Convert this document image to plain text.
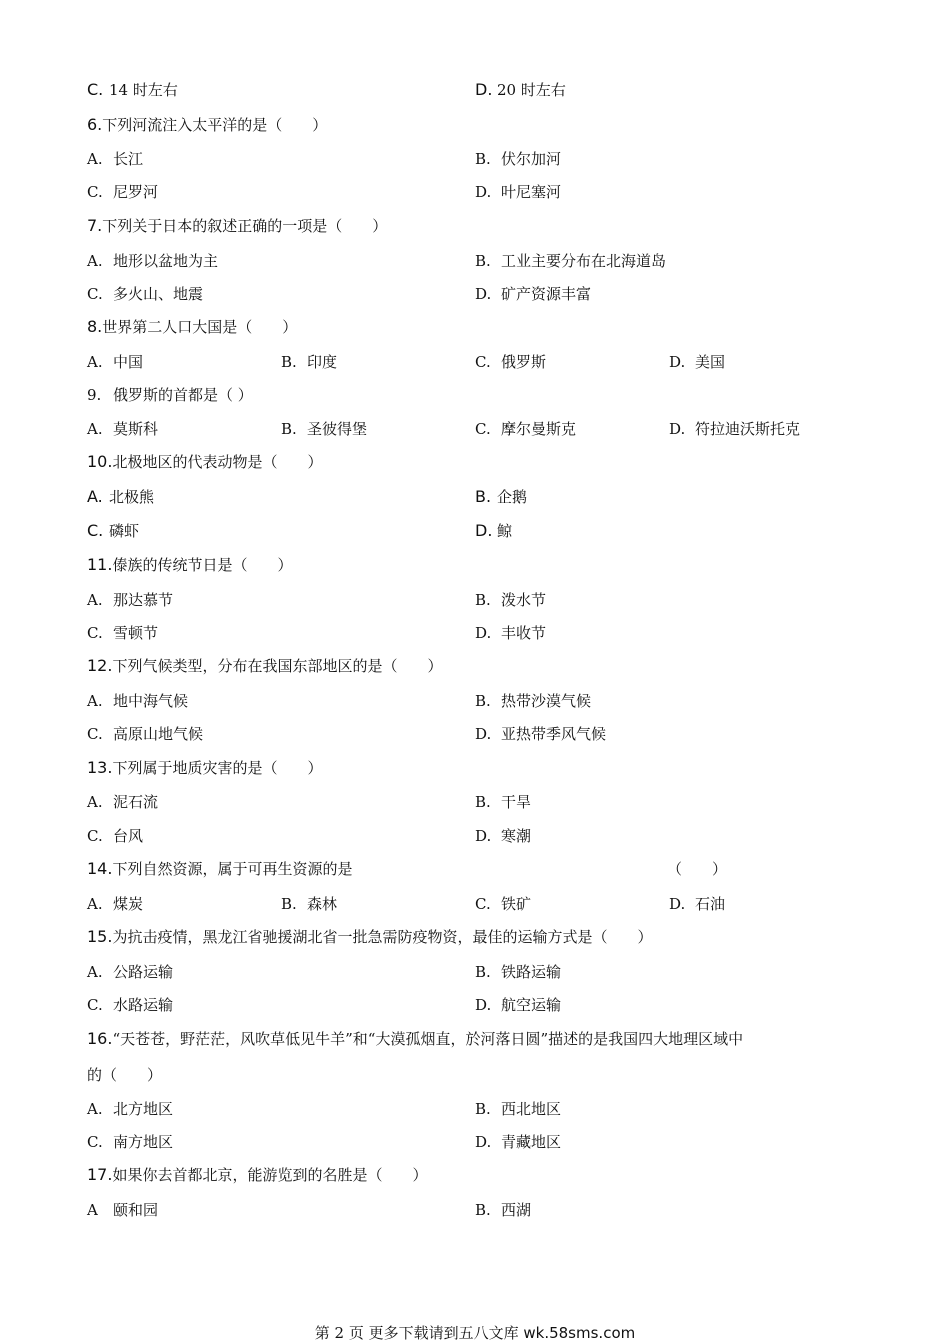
C. 14 时左右	D. 20 时左右
6.下列河流注入太平洋的是（　　）
A. 长江	B. 伏尔加河
C. 尼罗河	D. 叶尼塞河
7.下列关于日本的叙述正确的一项是（　　）
A. 地形以盆地为主	B. 工业主要分布在北海道岛
C. 多火山、地震	D. 矿产资源丰富
8.世界第二人口大国是（　　）
A. 中国	B. 印度	C. 俄罗斯	D. 美国
9. 俄罗斯的首都是（ ）
A. 莫斯科	B. 圣彼得堡	C. 摩尔曼斯克	D. 符拉迪沃斯托克
10.北极地区的代表动物是（　　）
A. 北极熊	B. 企鹅
C. 磷虾	D. 鲸
11.傣族的传统节日是（　　）
A. 那达慕节	B. 泼水节
C. 雪顿节	D. 丰收节
12.下列气候类型，分布在我国东部地区的是（　　）
A. 地中海气候	B. 热带沙漠气候
C. 高原山地气候	D. 亚热带季风气候
13.下列属于地质灾害的是（　　）
A. 泥石流	B. 干旱
C. 台风	D. 寒潮
14.下列自然资源，属于可再生资源的是	（　　）
A. 煤炭	B. 森林	C. 铁矿	D. 石油
15.为抗击疫情，黑龙江省驰援湖北省一批急需防疫物资，最佳的运输方式是（　　）
A. 公路运输	B. 铁路运输
C. 水路运输	D. 航空运输
16.“天苍苍，野茫茫，风吹草低见牛羊”和“大漠孤烟直，於河落日圆”描述的是我国四大地理区域中
的（　　）
A. 北方地区	B. 西北地区
C. 南方地区	D. 青藏地区
17.如果你去首都北京，能游览到的名胜是（　　）
A 颐和园	B. 西湖
第 2 页 更多下载请到五八文库 wk.58sms.com
